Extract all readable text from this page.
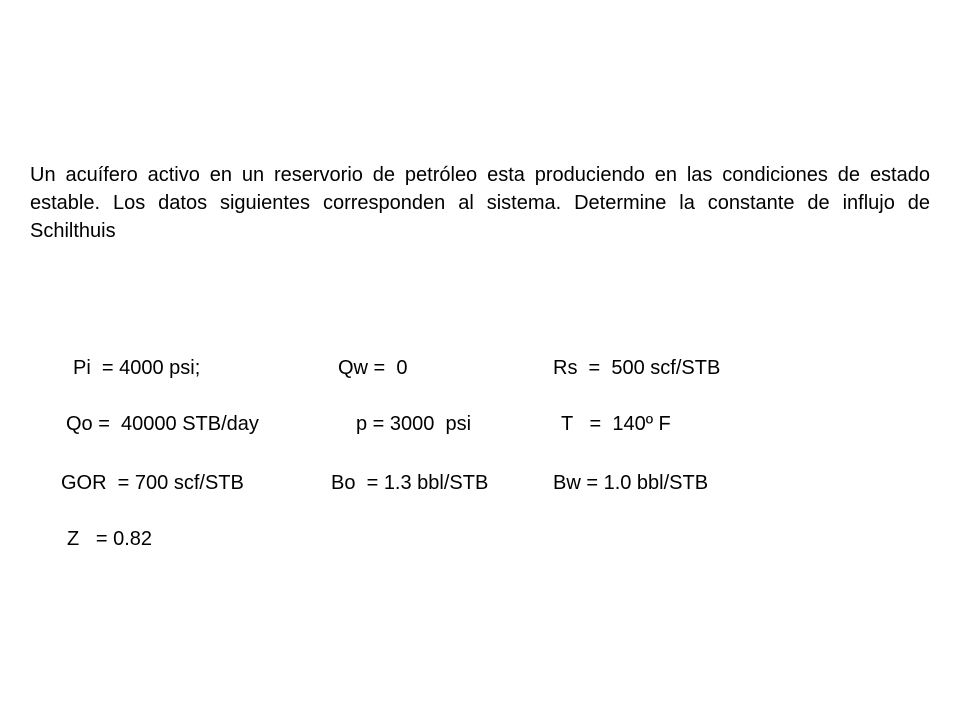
Un acuífero activo en un reservorio de petróleo esta produciendo en las condiciones de estado estable. Los datos siguientes corresponden al sistema. Determine la constante de influjo de Schilthuis
Pi  = 4000 psi;	Qw =  0	Rs  =  500 scf/STB
Qo =  40000 STB/day	p = 3000  psi	T   =  140º F
GOR  = 700 scf/STB	Bo  = 1.3 bbl/STB	Bw = 1.0 bbl/STB
Z   = 0.82
